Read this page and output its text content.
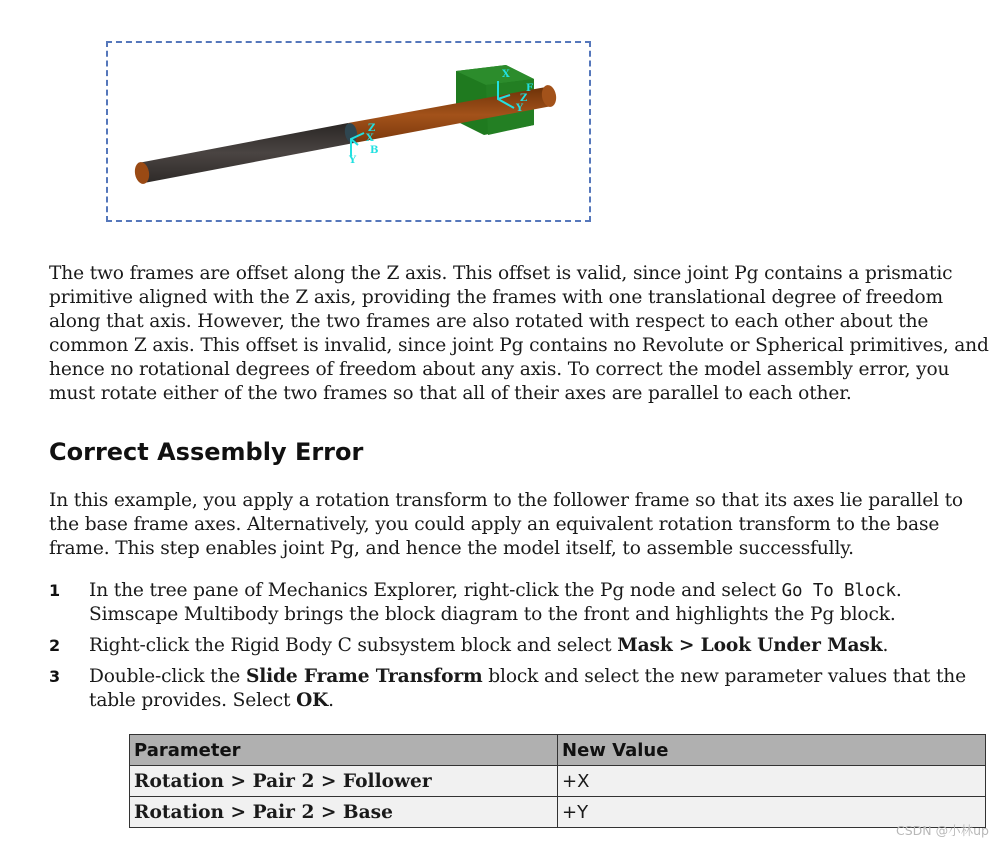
Z
X
Y
B
X
F
Z
Y

The two frames are offset along the Z axis. This offset is valid, since joint Pg contains a prismatic primitive aligned with the Z axis, providing the frames with one translational degree of freedom along that axis. However, the two frames are also rotated with respect to each other about the common Z axis. This offset is invalid, since joint Pg contains no Revolute or Spherical primitives, and hence no rotational degrees of freedom about any axis. To correct the model assembly error, you must rotate either of the two frames so that all of their axes are parallel to each other.

Correct Assembly Error

In this example, you apply a rotation transform to the follower frame so that its axes lie parallel to the base frame axes. Alternatively, you could apply an equivalent rotation transform to the base frame. This step enables joint Pg, and hence the model itself, to assemble successfully.

1 In the tree pane of Mechanics Explorer, right-click the Pg node and select Go To Block. Simscape Multibody brings the block diagram to the front and highlights the Pg block.
2 Right-click the Rigid Body C subsystem block and select Mask > Look Under Mask.
3 Double-click the Slide Frame Transform block and select the new parameter values that the table provides. Select OK.
Parameter	New Value
Rotation > Pair 2 > Follower	+X
Rotation > Pair 2 > Base	+Y
CSDN @小林up
